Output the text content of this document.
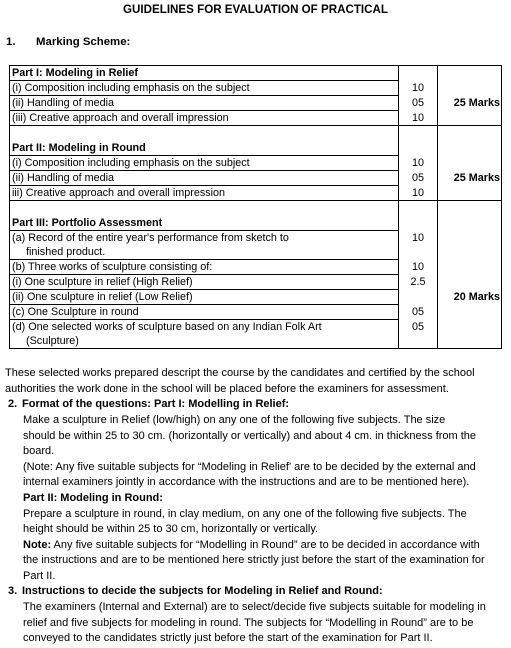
GUIDELINES FOR EVALUATION OF PRACTICAL
1. Marking Scheme:
Part I: Modeling in Relief		
(i) Composition including emphasis on the subject	10	
(ii) Handling of media	05	25 Marks
(iii) Creative approach and overall impression	10	

Part II: Modeling in Round		
(i) Composition including emphasis on the subject	10	
(ii) Handling of media	05	25 Marks
iii) Creative approach and overall impression	10	

Part III: Portfolio Assessment		
(a) Record of the entire year's performance from sketch to	10	
finished product.		
(b) Three works of sculpture consisting of:	10	
(i) One sculpture in relief (High Relief)	2.5	
(ii) One sculpture in relief (Low Relief)		20 Marks
(c) One Sculpture in round	05	
(d) One selected works of sculpture based on any Indian Folk Art	05	
(Sculpture)		

These selected works prepared descript the course by the candidates and certified by the school

authorities the work done in the school will be placed before the examiners for assessment.

2. Format of the questions: Part I: Modelling in Relief:

Make a sculpture in Relief (low/high) on any one of the following five subjects. The size

should be within 25 to 30 cm. (horizontally or vertically) and about 4 cm. in thickness from the

board.

(Note: Any five suitable subjects for “Modeling in Relief' are to be decided by the external and

internal examiners jointly in accordance with the instructions and are to be mentioned here).

Part II: Modeling in Round:

Prepare a sculpture in round, in clay medium, on any one of the following five subjects. The

height should be within 25 to 30 cm, horizontally or vertically.

Note: Any five suitable subjects for “Modelling in Round” are to be decided in accordance with

the instructions and are to be mentioned here strictly just before the start of the examination for

Part II.

3. Instructions to decide the subjects for Modeling in Relief and Round:

The examiners (Internal and External) are to select/decide five subjects suitable for modeling in

relief and five subjects for modeling in round. The subjects for “Modelling in Round” are to be

conveyed to the candidates strictly just before the start of the examination for Part II.
